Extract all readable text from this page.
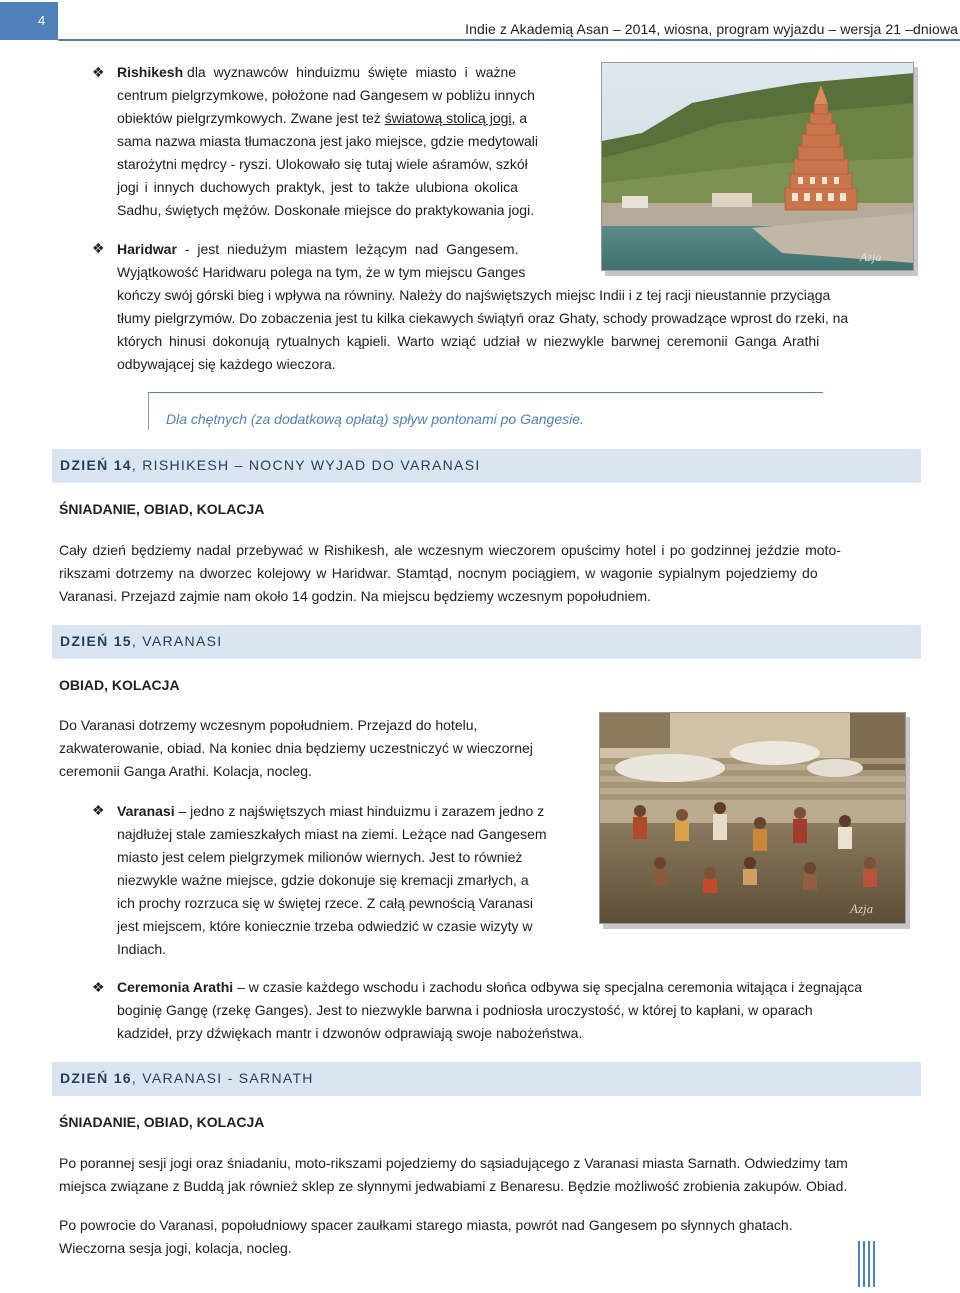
4
Indie z Akademią Asan – 2014, wiosna, program wyjazdu – wersja 21 –dniowa
Azja
❖ Rishikesh dla wyznawców hinduizmu święte miasto i ważne
centrum pielgrzymkowe, położone nad Gangesem w pobliżu innych
obiektów pielgrzymkowych. Zwane jest też światową stolicą jogi, a
sama nazwa miasta tłumaczona jest jako miejsce, gdzie medytowali
starożytni mędrcy - ryszi. Ulokowało się tutaj wiele aśramów, szkół
jogi i innych duchowych praktyk, jest to także ulubiona okolica
Sadhu, świętych mężów. Doskonałe miejsce do praktykowania jogi.
❖ Haridwar - jest niedużym miastem leżącym nad Gangesem.
Wyjątkowość Haridwaru polega na tym, że w tym miejscu Ganges
kończy swój górski bieg i wpływa na równiny. Należy do najświętszych miejsc Indii i z tej racji nieustannie przyciąga
tłumy pielgrzymów. Do zobaczenia jest tu kilka ciekawych świątyń oraz Ghaty, schody prowadzące wprost do rzeki, na
których hinusi dokonują rytualnych kąpieli. Warto wziąć udział w niezwykle barwnej ceremonii Ganga Arathi
odbywającej się każdego wieczora.
Dla chętnych (za dodatkową opłatą) spływ pontonami po Gangesie.
DZIEŃ 14, RISHIKESH – NOCNY WYJAD DO VARANASI
ŚNIADANIE, OBIAD, KOLACJA
Cały dzień będziemy nadal przebywać w Rishikesh, ale wczesnym wieczorem opuścimy hotel i po godzinnej jeździe moto-
rikszami dotrzemy na dworzec kolejowy w Haridwar. Stamtąd, nocnym pociągiem, w wagonie sypialnym pojedziemy do
Varanasi. Przejazd zajmie nam około 14 godzin. Na miejscu będziemy wczesnym popołudniem.
DZIEŃ 15, VARANASI
OBIAD, KOLACJA
Do Varanasi dotrzemy wczesnym popołudniem. Przejazd do hotelu,
zakwaterowanie, obiad. Na koniec dnia będziemy uczestniczyć w wieczornej
ceremonii Ganga Arathi. Kolacja, nocleg.
Azja
❖ Varanasi – jedno z najświętszych miast hinduizmu i zarazem jedno z
najdłużej stale zamieszkałych miast na ziemi. Leżące nad Gangesem
miasto jest celem pielgrzymek milionów wiernych. Jest to również
niezwykle ważne miejsce, gdzie dokonuje się kremacji zmarłych, a
ich prochy rozrzuca się w świętej rzece. Z całą pewnością Varanasi
jest miejscem, które koniecznie trzeba odwiedzić w czasie wizyty w
Indiach.
❖ Ceremonia Arathi – w czasie każdego wschodu i zachodu słońca odbywa się specjalna ceremonia witająca i żegnająca
boginię Gangę (rzekę Ganges). Jest to niezwykle barwna i podniosła uroczystość, w której to kapłani, w oparach
kadzideł, przy dźwiękach mantr i dzwonów odprawiają swoje nabożeństwa.
DZIEŃ 16, VARANASI - SARNATH
ŚNIADANIE, OBIAD, KOLACJA
Po porannej sesji jogi oraz śniadaniu, moto-rikszami pojedziemy do sąsiadującego z Varanasi miasta Sarnath. Odwiedzimy tam
miejsca związane z Buddą jak również sklep ze słynnymi jedwabiami z Benaresu. Będzie możliwość zrobienia zakupów. Obiad.
Po powrocie do Varanasi, popołudniowy spacer zaułkami starego miasta, powrót nad Gangesem po słynnych ghatach.
Wieczorna sesja jogi, kolacja, nocleg.
